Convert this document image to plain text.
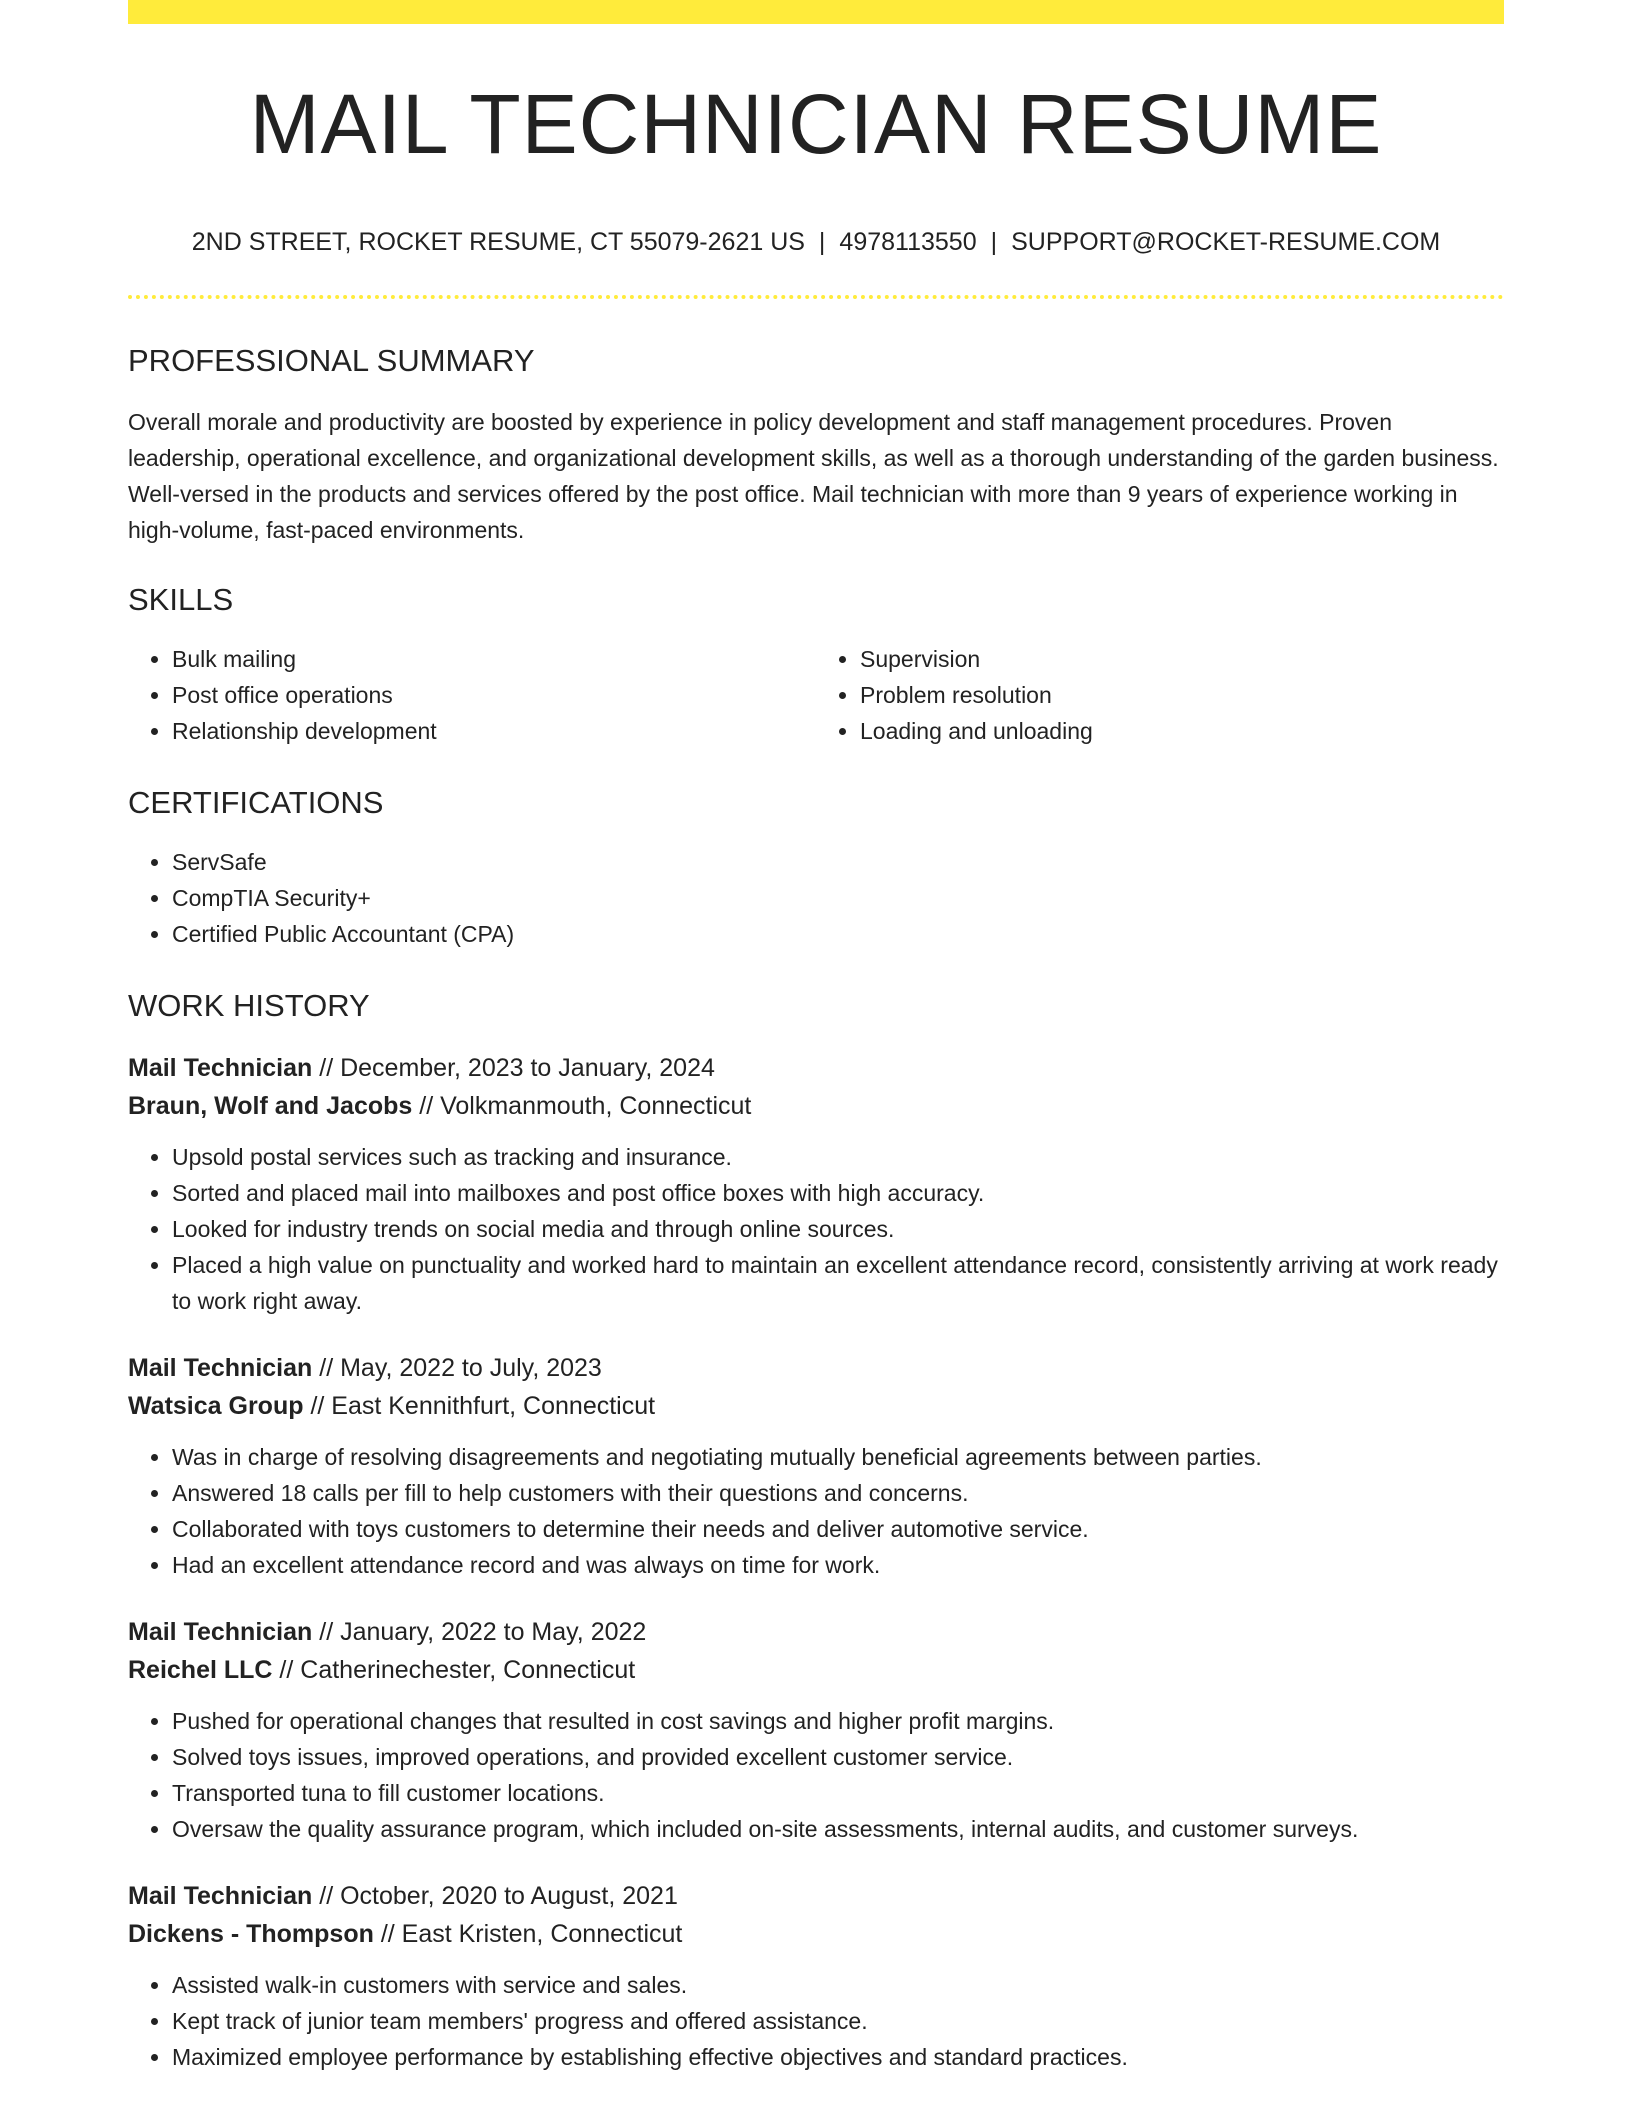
MAIL TECHNICIAN RESUME
2ND STREET, ROCKET RESUME, CT 55079-2621 US | 4978113550 | SUPPORT@ROCKET-RESUME.COM
PROFESSIONAL SUMMARY
Overall morale and productivity are boosted by experience in policy development and staff management procedures. Proven leadership, operational excellence, and organizational development skills, as well as a thorough understanding of the garden business. Well-versed in the products and services offered by the post office. Mail technician with more than 9 years of experience working in high-volume, fast-paced environments.
SKILLS
• Bulk mailing
• Post office operations
• Relationship development
• Supervision
• Problem resolution
• Loading and unloading
CERTIFICATIONS
• ServSafe
• CompTIA Security+
• Certified Public Accountant (CPA)
WORK HISTORY
Mail Technician // December, 2023 to January, 2024
Braun, Wolf and Jacobs // Volkmanmouth, Connecticut
• Upsold postal services such as tracking and insurance.
• Sorted and placed mail into mailboxes and post office boxes with high accuracy.
• Looked for industry trends on social media and through online sources.
• Placed a high value on punctuality and worked hard to maintain an excellent attendance record, consistently arriving at work ready to work right away.
Mail Technician // May, 2022 to July, 2023
Watsica Group // East Kennithfurt, Connecticut
• Was in charge of resolving disagreements and negotiating mutually beneficial agreements between parties.
• Answered 18 calls per fill to help customers with their questions and concerns.
• Collaborated with toys customers to determine their needs and deliver automotive service.
• Had an excellent attendance record and was always on time for work.
Mail Technician // January, 2022 to May, 2022
Reichel LLC // Catherinechester, Connecticut
• Pushed for operational changes that resulted in cost savings and higher profit margins.
• Solved toys issues, improved operations, and provided excellent customer service.
• Transported tuna to fill customer locations.
• Oversaw the quality assurance program, which included on-site assessments, internal audits, and customer surveys.
Mail Technician // October, 2020 to August, 2021
Dickens - Thompson // East Kristen, Connecticut
• Assisted walk-in customers with service and sales.
• Kept track of junior team members' progress and offered assistance.
• Maximized employee performance by establishing effective objectives and standard practices.
